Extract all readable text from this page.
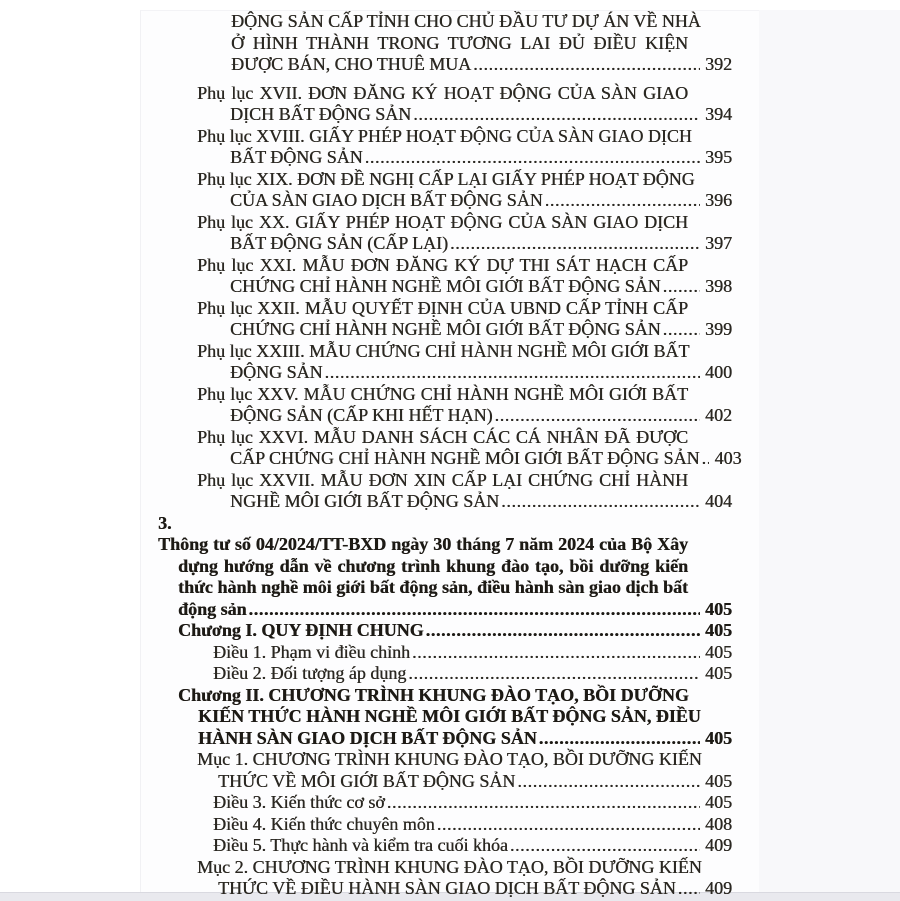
ĐỘNG SẢN CẤP TỈNH CHO CHỦ ĐẦU TƯ DỰ ÁN VỀ NHÀ
Ở HÌNH THÀNH TRONG TƯƠNG LAI ĐỦ ĐIỀU KIỆN
ĐƯỢC BÁN, CHO THUÊ MUA .....	392
Phụ lục XVII. ĐƠN ĐĂNG KÝ HOẠT ĐỘNG CỦA SÀN GIAO
DỊCH BẤT ĐỘNG SẢN .....	394
Phụ lục XVIII. GIẤY PHÉP HOẠT ĐỘNG CỦA SÀN GIAO DỊCH
BẤT ĐỘNG SẢN .....	395
Phụ lục XIX. ĐƠN ĐỀ NGHỊ CẤP LẠI GIẤY PHÉP HOẠT ĐỘNG
CỦA SÀN GIAO DỊCH BẤT ĐỘNG SẢN .....	396
Phụ lục XX. GIẤY PHÉP HOẠT ĐỘNG CỦA SÀN GIAO DỊCH
BẤT ĐỘNG SẢN (CẤP LẠI) .....	397
Phụ lục XXI. MẪU ĐƠN ĐĂNG KÝ DỰ THI SÁT HẠCH CẤP
CHỨNG CHỈ HÀNH NGHỀ MÔI GIỚI BẤT ĐỘNG SẢN ..... 398
Phụ lục XXII. MẪU QUYẾT ĐỊNH CỦA UBND CẤP TỈNH CẤP
CHỨNG CHỈ HÀNH NGHỀ MÔI GIỚI BẤT ĐỘNG SẢN ..... 399
Phụ lục XXIII. MẪU CHỨNG CHỈ HÀNH NGHỀ MÔI GIỚI BẤT
ĐỘNG SẢN .....	400
Phụ lục XXV. MẪU CHỨNG CHỈ HÀNH NGHỀ MÔI GIỚI BẤT
ĐỘNG SẢN (CẤP KHI HẾT HẠN) .....	402
Phụ lục XXVI. MẪU DANH SÁCH CÁC CÁ NHÂN ĐÃ ĐƯỢC
CẤP CHỨNG CHỈ HÀNH NGHỀ MÔI GIỚI BẤT ĐỘNG SẢN ..... 403
Phụ lục XXVII. MẪU ĐƠN XIN CẤP LẠI CHỨNG CHỈ HÀNH
NGHỀ MÔI GIỚI BẤT ĐỘNG SẢN .....	404
3.Thông tư số 04/2024/TT-BXD ngày 30 tháng 7 năm 2024 của Bộ Xây
dựng hướng dẫn về chương trình khung đào tạo, bồi dưỡng kiến
thức hành nghề môi giới bất động sản, điều hành sàn giao dịch bất
động sản .....	405
Chương I. QUY ĐỊNH CHUNG .....	405
Điều 1. Phạm vi điều chỉnh .....	405
Điều 2. Đối tượng áp dụng .....	405
Chương II. CHƯƠNG TRÌNH KHUNG ĐÀO TẠO, BỒI DƯỠNG
KIẾN THỨC HÀNH NGHỀ MÔI GIỚI BẤT ĐỘNG SẢN, ĐIỀU
HÀNH SÀN GIAO DỊCH BẤT ĐỘNG SẢN .....	405
Mục 1. CHƯƠNG TRÌNH KHUNG ĐÀO TẠO, BỒI DƯỠNG KIẾN
THỨC VỀ MÔI GIỚI BẤT ĐỘNG SẢN .....	405
Điều 3. Kiến thức cơ sở .....	405
Điều 4. Kiến thức chuyên môn .....	408
Điều 5. Thực hành và kiểm tra cuối khóa .....	409
Mục 2. CHƯƠNG TRÌNH KHUNG ĐÀO TẠO, BỒI DƯỠNG KIẾN
THỨC VỀ ĐIỀU HÀNH SÀN GIAO DỊCH BẤT ĐỘNG SẢN ..... 409
